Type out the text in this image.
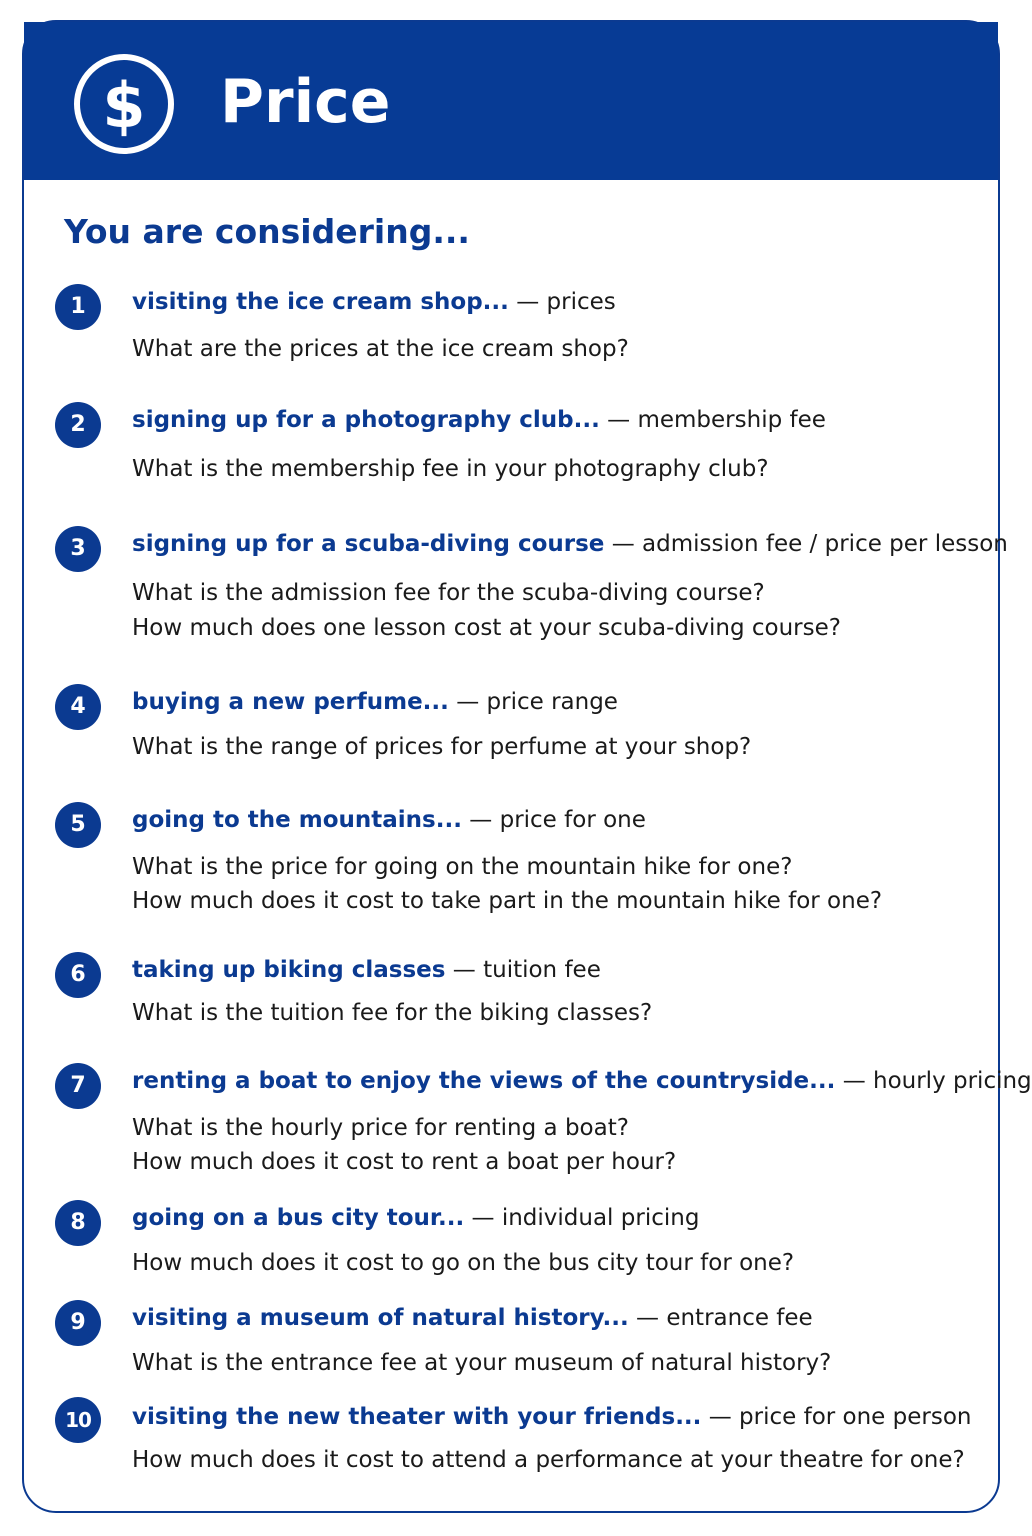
$ Price
You are considering...
1	visiting the ice cream shop... — prices
What are the prices at the ice cream shop?
2	signing up for a photography club... — membership fee
What is the membership fee in your photography club?
3	signing up for a scuba-diving course — admission fee / price per lesson
What is the admission fee for the scuba-diving course?
How much does one lesson cost at your scuba-diving course?
4	buying a new perfume... — price range
What is the range of prices for perfume at your shop?
5	going to the mountains... — price for one
What is the price for going on the mountain hike for one?
How much does it cost to take part in the mountain hike for one?
6	taking up biking classes — tuition fee
What is the tuition fee for the biking classes?
7	renting a boat to enjoy the views of the countryside... — hourly pricing
What is the hourly price for renting a boat?
How much does it cost to rent a boat per hour?
8	going on a bus city tour... — individual pricing
How much does it cost to go on the bus city tour for one?
9	visiting a museum of natural history... — entrance fee
What is the entrance fee at your museum of natural history?
10	visiting the new theater with your friends... — price for one person
How much does it cost to attend a performance at your theatre for one?
